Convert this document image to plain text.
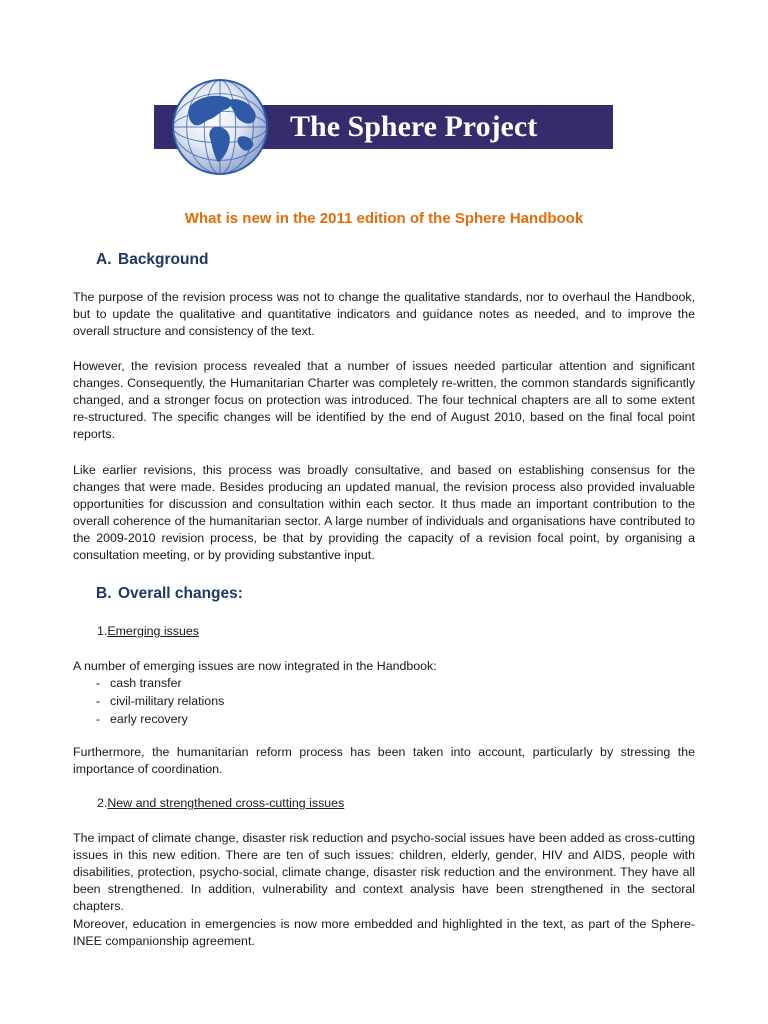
The Sphere Project
What is new in the 2011 edition of the Sphere Handbook
A. Background

The purpose of the revision process was not to change the qualitative standards, nor to overhaul the Handbook, but to update the qualitative and quantitative indicators and guidance notes as needed, and to improve the overall structure and consistency of the text.

However, the revision process revealed that a number of issues needed particular attention and significant changes. Consequently, the Humanitarian Charter was completely re-written, the common standards significantly changed, and a stronger focus on protection was introduced. The four technical chapters are all to some extent re-structured. The specific changes will be identified by the end of August 2010, based on the final focal point reports.

Like earlier revisions, this process was broadly consultative, and based on establishing consensus for the changes that were made. Besides producing an updated manual, the revision process also provided invaluable opportunities for discussion and consultation within each sector. It thus made an important contribution to the overall coherence of the humanitarian sector. A large number of individuals and organisations have contributed to the 2009-2010 revision process, be that by providing the capacity of a revision focal point, by organising a consultation meeting, or by providing substantive input.

B. Overall changes:
1.Emerging issues

A number of emerging issues are now integrated in the Handbook:

- cash transfer
- civil-military relations
- early recovery

Furthermore, the humanitarian reform process has been taken into account, particularly by stressing the importance of coordination.

2.New and strengthened cross-cutting issues

The impact of climate change, disaster risk reduction and psycho-social issues have been added as cross-cutting issues in this new edition. There are ten of such issues: children, elderly, gender, HIV and AIDS, people with disabilities, protection, psycho-social, climate change, disaster risk reduction and the environment. They have all been strengthened. In addition, vulnerability and context analysis have been strengthened in the sectoral chapters.

Moreover, education in emergencies is now more embedded and highlighted in the text, as part of the Sphere-INEE companionship agreement.
